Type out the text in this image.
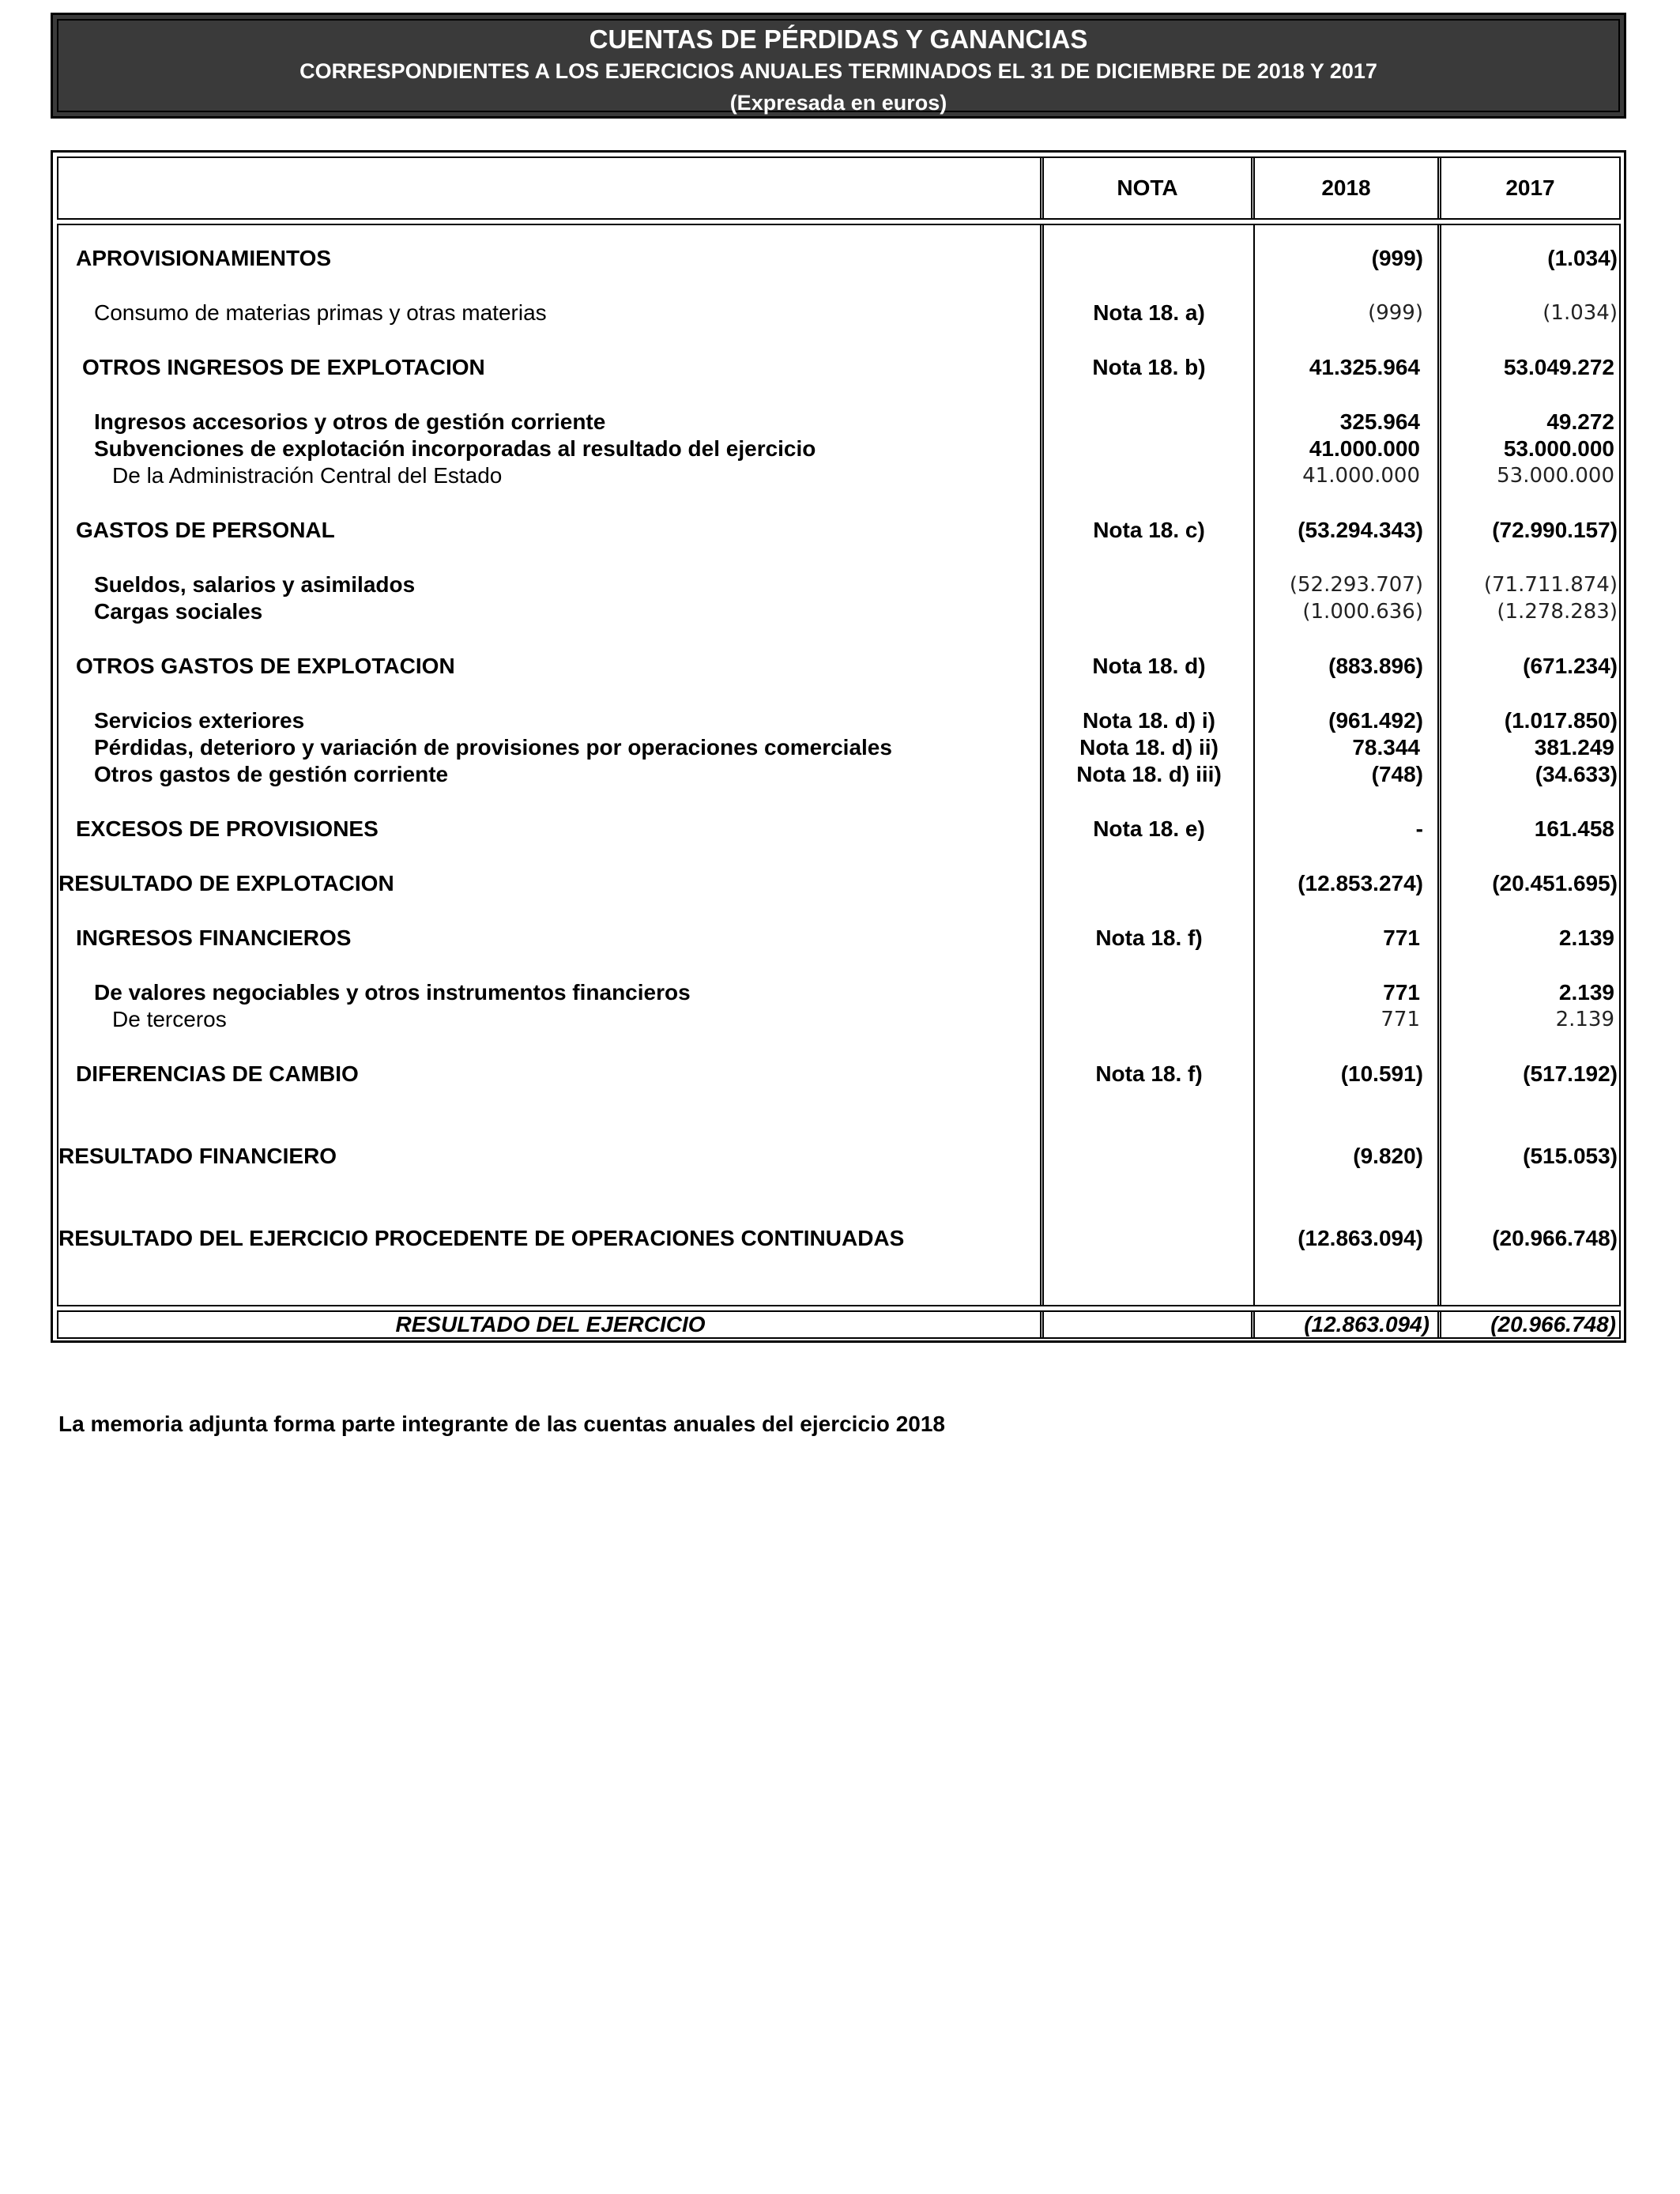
CUENTAS DE PÉRDIDAS Y GANANCIAS
CORRESPONDIENTES A LOS EJERCICIOS ANUALES TERMINADOS EL 31 DE DICIEMBRE DE 2018 Y 2017
(Expresada en euros)
NOTA	2018	2017
APROVISIONAMIENTOS	(999)	(1.034)
Consumo de materias primas y otras materias	Nota 18. a)	(999)	(1.034)
OTROS INGRESOS DE EXPLOTACION	Nota 18. b)	41.325.964	53.049.272
Ingresos accesorios y otros de gestión corriente	325.964	49.272
Subvenciones de explotación incorporadas al resultado del ejercicio	41.000.000	53.000.000
De la Administración Central del Estado	41.000.000	53.000.000
GASTOS DE PERSONAL	Nota 18. c)	(53.294.343)	(72.990.157)
Sueldos, salarios y asimilados	(52.293.707)	(71.711.874)
Cargas sociales	(1.000.636)	(1.278.283)
OTROS GASTOS DE EXPLOTACION	Nota 18. d)	(883.896)	(671.234)
Servicios exteriores	Nota 18. d) i)	(961.492)	(1.017.850)
Pérdidas, deterioro y variación de provisiones por operaciones comerciales	Nota 18. d) ii)	78.344	381.249
Otros gastos de gestión corriente	Nota 18. d) iii)	(748)	(34.633)
EXCESOS DE PROVISIONES	Nota 18. e)	-	161.458
RESULTADO DE EXPLOTACION	(12.853.274)	(20.451.695)
INGRESOS FINANCIEROS	Nota 18. f)	771	2.139
De valores negociables y otros instrumentos financieros	771	2.139
De terceros	771	2.139
DIFERENCIAS DE CAMBIO	Nota 18. f)	(10.591)	(517.192)
RESULTADO FINANCIERO	(9.820)	(515.053)
RESULTADO DEL EJERCICIO PROCEDENTE DE OPERACIONES CONTINUADAS	(12.863.094)	(20.966.748)
RESULTADO DEL EJERCICIO	(12.863.094)	(20.966.748)
La memoria adjunta forma parte integrante de las cuentas anuales del ejercicio 2018
